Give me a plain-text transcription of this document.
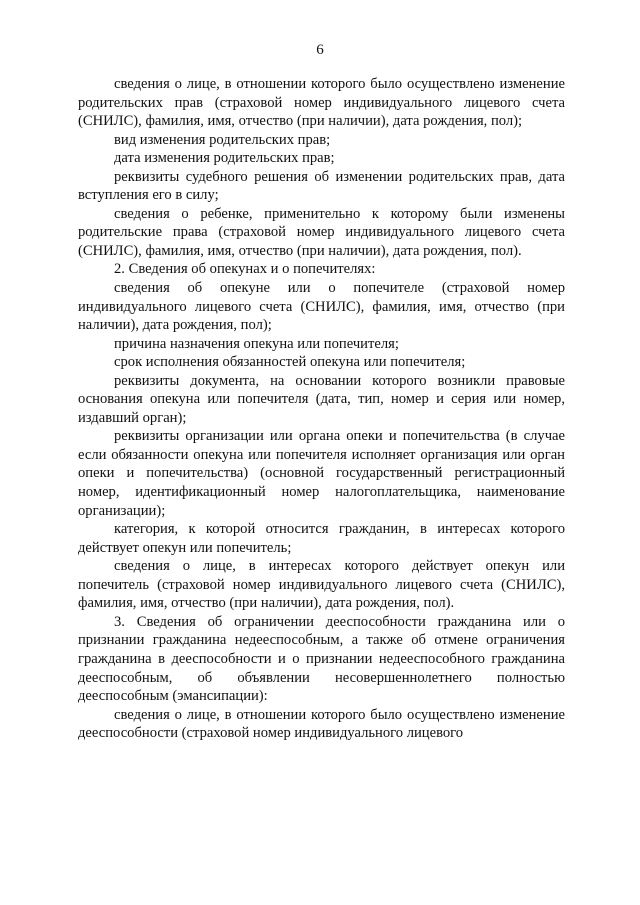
6

сведения о лице, в отношении которого было осуществлено изменение родительских прав (страховой номер индивидуального лицевого счета (СНИЛС), фамилия, имя, отчество (при наличии), дата рождения, пол);

вид изменения родительских прав;

дата изменения родительских прав;

реквизиты судебного решения об изменении родительских прав, дата вступления его в силу;

сведения о ребенке, применительно к которому были изменены родительские права (страховой номер индивидуального лицевого счета (СНИЛС), фамилия, имя, отчество (при наличии), дата рождения, пол).

2. Сведения об опекунах и о попечителях:

сведения об опекуне или о попечителе (страховой номер индивидуального лицевого счета (СНИЛС), фамилия, имя, отчество (при наличии), дата рождения, пол);

причина назначения опекуна или попечителя;

срок исполнения обязанностей опекуна или попечителя;

реквизиты документа, на основании которого возникли правовые основания опекуна или попечителя (дата, тип, номер и серия или номер, издавший орган);

реквизиты организации или органа опеки и попечительства (в случае если обязанности опекуна или попечителя исполняет организация или орган опеки и попечительства) (основной государственный регистрационный номер, идентификационный номер налогоплательщика, наименование организации);

категория, к которой относится гражданин, в интересах которого действует опекун или попечитель;

сведения о лице, в интересах которого действует опекун или попечитель (страховой номер индивидуального лицевого счета (СНИЛС), фамилия, имя, отчество (при наличии), дата рождения, пол).

3. Сведения об ограничении дееспособности гражданина или о признании гражданина недееспособным, а также об отмене ограничения гражданина в дееспособности и о признании недееспособного гражданина дееспособным, об объявлении несовершеннолетнего полностью дееспособным (эмансипации):

сведения о лице, в отношении которого было осуществлено изменение дееспособности (страховой номер индивидуального лицевого
